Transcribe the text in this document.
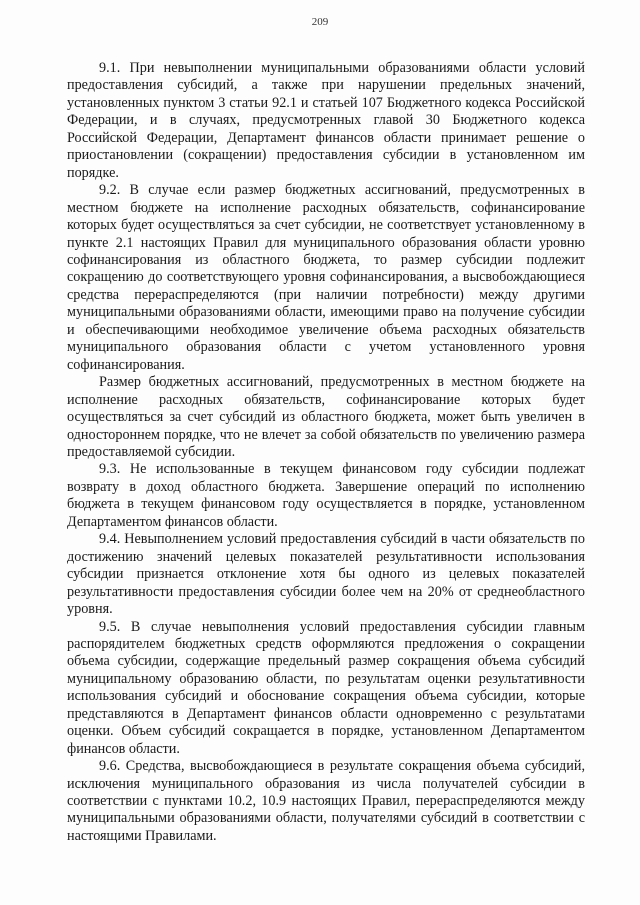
209

9.1. При невыполнении муниципальными образованиями области условий предоставления субсидий, а также при нарушении предельных значений, установленных пунктом 3 статьи 92.1 и статьей 107 Бюджетного кодекса Российской Федерации, и в случаях, предусмотренных главой 30 Бюджетного кодекса Российской Федерации, Департамент финансов области принимает решение о приостановлении (сокращении) предоставления субсидии в установленном им порядке.

9.2. В случае если размер бюджетных ассигнований, предусмотренных в местном бюджете на исполнение расходных обязательств, софинансирование которых будет осуществляться за счет субсидии, не соответствует установленному в пункте 2.1 настоящих Правил для муниципального образования области уровню софинансирования из областного бюджета, то размер субсидии подлежит сокращению до соответствующего уровня софинансирования, а высвобождающиеся средства перераспределяются (при наличии потребности) между другими муниципальными образованиями области, имеющими право на получение субсидии и обеспечивающими необходимое увеличение объема расходных обязательств муниципального образования области с учетом установленного уровня софинансирования.

Размер бюджетных ассигнований, предусмотренных в местном бюджете на исполнение расходных обязательств, софинансирование которых будет осуществляться за счет субсидий из областного бюджета, может быть увеличен в одностороннем порядке, что не влечет за собой обязательств по увеличению размера предоставляемой субсидии.

9.3. Не использованные в текущем финансовом году субсидии подлежат возврату в доход областного бюджета. Завершение операций по исполнению бюджета в текущем финансовом году осуществляется в порядке, установленном Департаментом финансов области.

9.4. Невыполнением условий предоставления субсидий в части обязательств по достижению значений целевых показателей результативности использования субсидии признается отклонение хотя бы одного из целевых показателей результативности предоставления субсидии более чем на 20% от среднеобластного уровня.

9.5. В случае невыполнения условий предоставления субсидии главным распорядителем бюджетных средств оформляются предложения о сокращении объема субсидии, содержащие предельный размер сокращения объема субсидий муниципальному образованию области, по результатам оценки результативности использования субсидий и обоснование сокращения объема субсидии, которые представляются в Департамент финансов области одновременно с результатами оценки. Объем субсидий сокращается в порядке, установленном Департаментом финансов области.

9.6. Средства, высвобождающиеся в результате сокращения объема субсидий, исключения муниципального образования из числа получателей субсидии в соответствии с пунктами 10.2, 10.9 настоящих Правил, перераспределяются между муниципальными образованиями области, получателями субсидий в соответствии с настоящими Правилами.
